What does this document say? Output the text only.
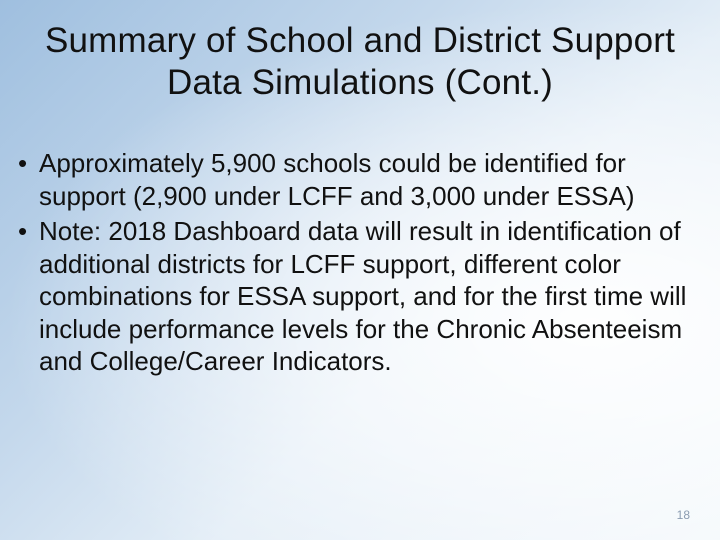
Summary of School and District Support Data Simulations (Cont.)
• Approximately 5,900 schools could be identified for support (2,900 under LCFF and 3,000 under ESSA)
• Note: 2018 Dashboard data will result in identification of additional districts for LCFF support, different color combinations for ESSA support, and for the first time will include performance levels for the Chronic Absenteeism and College/Career Indicators.
18
